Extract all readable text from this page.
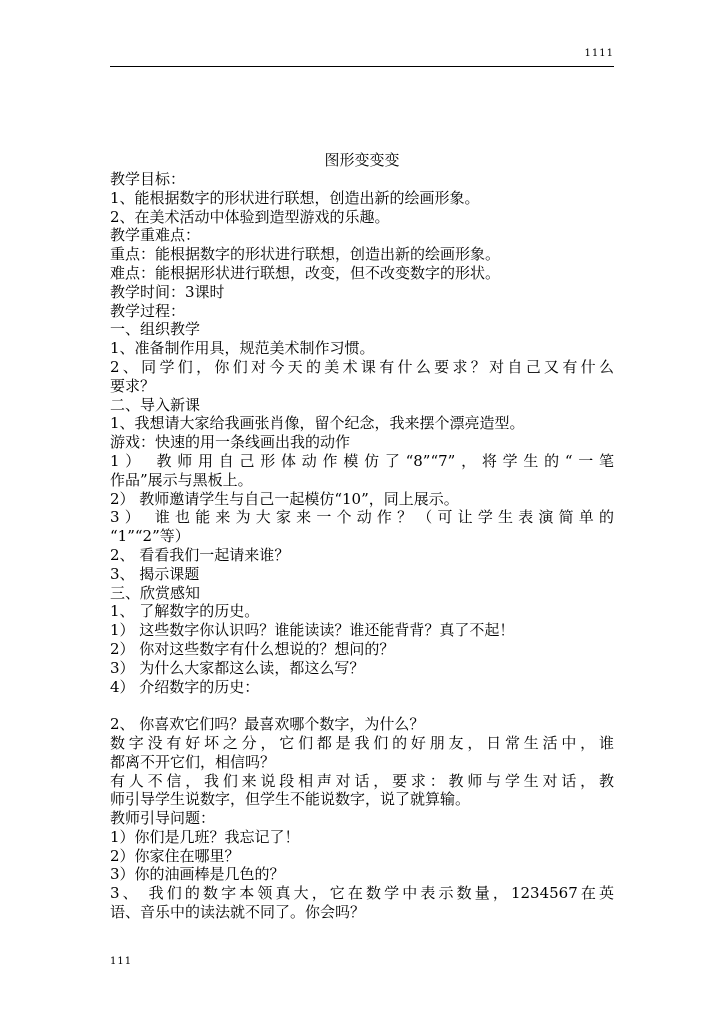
1111
图形变变变
教学目标：
1、能根据数字的形状进行联想，创造出新的绘画形象。
2、在美术活动中体验到造型游戏的乐趣。
教学重难点：
重点：能根据数字的形状进行联想，创造出新的绘画形象。
难点：能根据形状进行联想，改变，但不改变数字的形状。
教学时间：3课时
教学过程：
一、组织教学
1、准备制作用具，规范美术制作习惯。
2、同学们，你们对今天的美术课有什么要求？对自己又有什么
要求？
二、导入新课
1、我想请大家给我画张肖像，留个纪念，我来摆个漂亮造型。
游戏：快速的用一条线画出我的动作
1） 教师用自己形体动作模仿了“8”“7”，将学生的“一笔
作品”展示与黑板上。
2） 教师邀请学生与自己一起模仿“10”，同上展示。
3） 谁也能来为大家来一个动作？（可让学生表演简单的
“1”“2”等）
2、 看看我们一起请来谁？
3、 揭示课题
三、欣赏感知
1、 了解数字的历史。
1） 这些数字你认识吗？谁能读读？谁还能背背？真了不起！
2） 你对这些数字有什么想说的？想问的？
3） 为什么大家都这么读，都这么写？
4） 介绍数字的历史：
2、 你喜欢它们吗？最喜欢哪个数字，为什么？
数字没有好坏之分，它们都是我们的好朋友，日常生活中，谁
都离不开它们，相信吗？
有人不信，我们来说段相声对话，要求：教师与学生对话，教
师引导学生说数字，但学生不能说数字，说了就算输。
教师引导问题：
1）你们是几班？我忘记了！
2）你家住在哪里？
3）你的油画棒是几色的？
3、 我们的数字本领真大，它在数学中表示数量，1234567在英
语、音乐中的读法就不同了。你会吗？
111
